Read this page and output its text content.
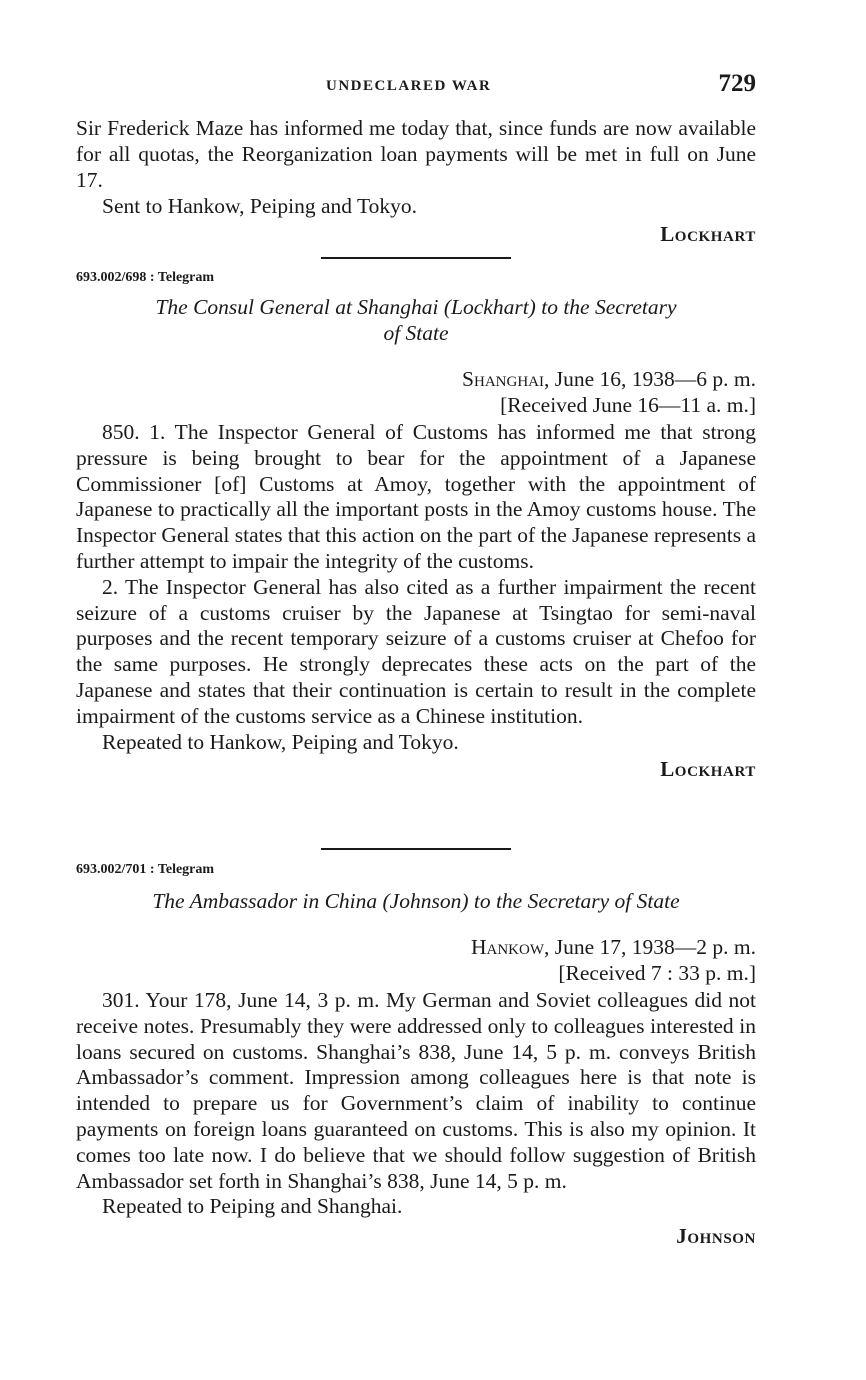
UNDECLARED WAR	729

Sir Frederick Maze has informed me today that, since funds are now available for all quotas, the Reorganization loan payments will be met in full on June 17.

Sent to Hankow, Peiping and Tokyo.

Lockhart
693.002/698 : Telegram
The Consul General at Shanghai (Lockhart) to the Secretary
of State
Shanghai, June 16, 1938—6 p. m.
[Received June 16—11 a. m.]

850. 1. The Inspector General of Customs has informed me that strong pressure is being brought to bear for the appointment of a Japanese Commissioner [of] Customs at Amoy, together with the appointment of Japanese to practically all the important posts in the Amoy customs house. The Inspector General states that this action on the part of the Japanese represents a further attempt to impair the integrity of the customs.

2. The Inspector General has also cited as a further impairment the recent seizure of a customs cruiser by the Japanese at Tsingtao for semi-naval purposes and the recent temporary seizure of a customs cruiser at Chefoo for the same purposes. He strongly deprecates these acts on the part of the Japanese and states that their continuation is certain to result in the complete impairment of the customs service as a Chinese institution.

Repeated to Hankow, Peiping and Tokyo.

Lockhart
693.002/701 : Telegram
The Ambassador in China (Johnson) to the Secretary of State
Hankow, June 17, 1938—2 p. m.
[Received 7 : 33 p. m.]

301. Your 178, June 14, 3 p. m. My German and Soviet colleagues did not receive notes. Presumably they were addressed only to colleagues interested in loans secured on customs. Shanghai’s 838, June 14, 5 p. m. conveys British Ambassador’s comment. Impression among colleagues here is that note is intended to prepare us for Government’s claim of inability to continue payments on foreign loans guaranteed on customs. This is also my opinion. It comes too late now. I do believe that we should follow suggestion of British Ambassador set forth in Shanghai’s 838, June 14, 5 p. m.

Repeated to Peiping and Shanghai.

Johnson
